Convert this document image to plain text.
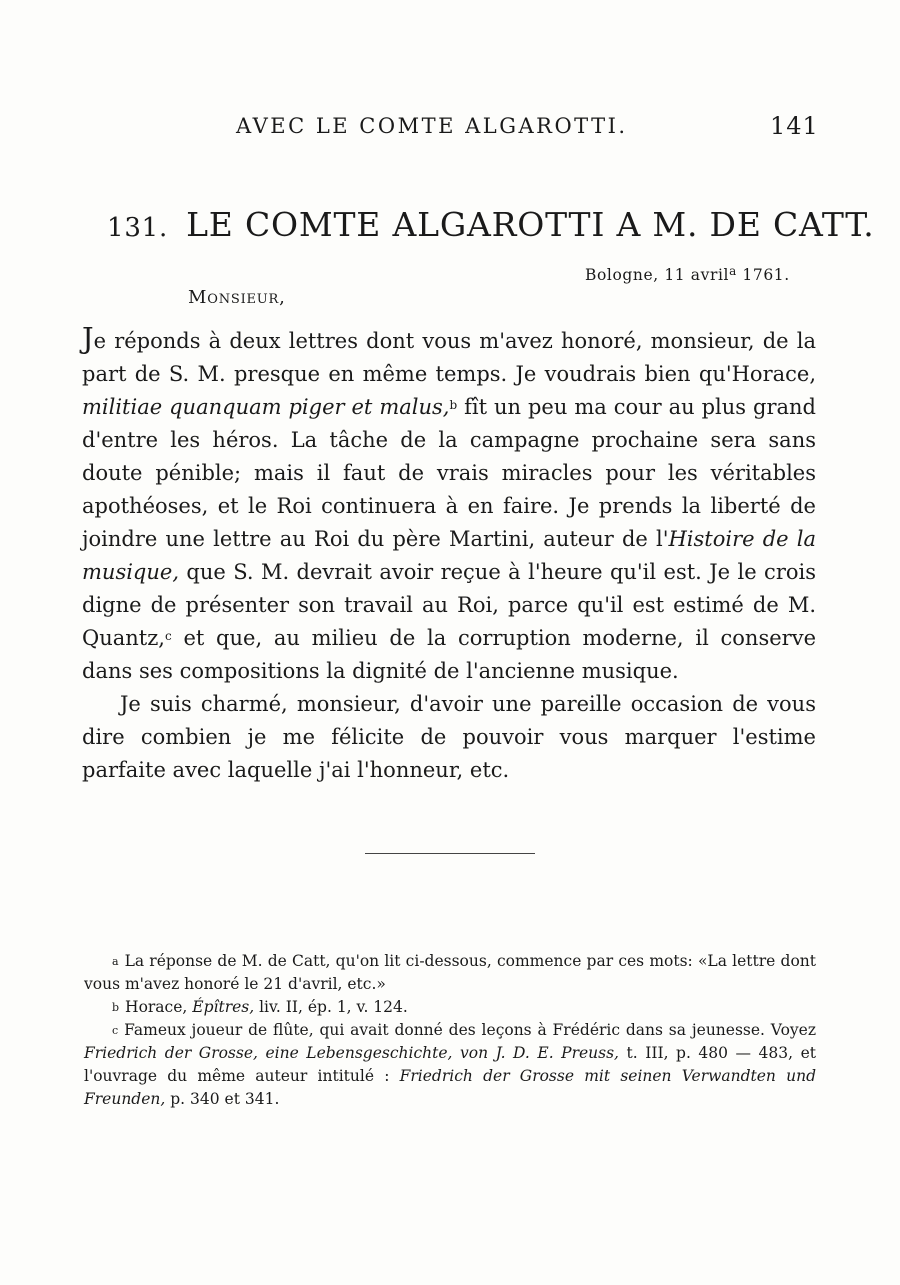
AVEC LE COMTE ALGAROTTI.	141
131. LE COMTE ALGAROTTI A M. DE CATT.
Bologne, 11 avril$^a$ 1761.
Monsieur,

Je réponds à deux lettres dont vous m'avez honoré, monsieur, de la part de S. M. presque en même temps. Je voudrais bien qu'Horace, militiae quanquam piger et malus,$^b$ fît un peu ma cour au plus grand d'entre les héros. La tâche de la campagne prochaine sera sans doute pénible; mais il faut de vrais miracles pour les véritables apothéoses, et le Roi continuera à en faire. Je prends la liberté de joindre une lettre au Roi du père Martini, auteur de l'Histoire de la musique, que S. M. devrait avoir reçue à l'heure qu'il est. Je le crois digne de présenter son travail au Roi, parce qu'il est estimé de M. Quantz,$^c$ et que, au milieu de la corruption moderne, il conserve dans ses compositions la dignité de l'ancienne musique.

Je suis charmé, monsieur, d'avoir une pareille occasion de vous dire combien je me félicite de pouvoir vous marquer l'estime parfaite avec laquelle j'ai l'honneur, etc.

$^a$ La réponse de M. de Catt, qu'on lit ci-dessous, commence par ces mots: «La lettre dont vous m'avez honoré le 21 d'avril, etc.»

$^b$ Horace, Épîtres, liv. II, ép. 1, v. 124.

$^c$ Fameux joueur de flûte, qui avait donné des leçons à Frédéric dans sa jeunesse. Voyez Friedrich der Grosse, eine Lebensgeschichte, von J. D. E. Preuss, t. III, p. 480 — 483, et l'ouvrage du même auteur intitulé : Friedrich der Grosse mit seinen Verwandten und Freunden, p. 340 et 341.
